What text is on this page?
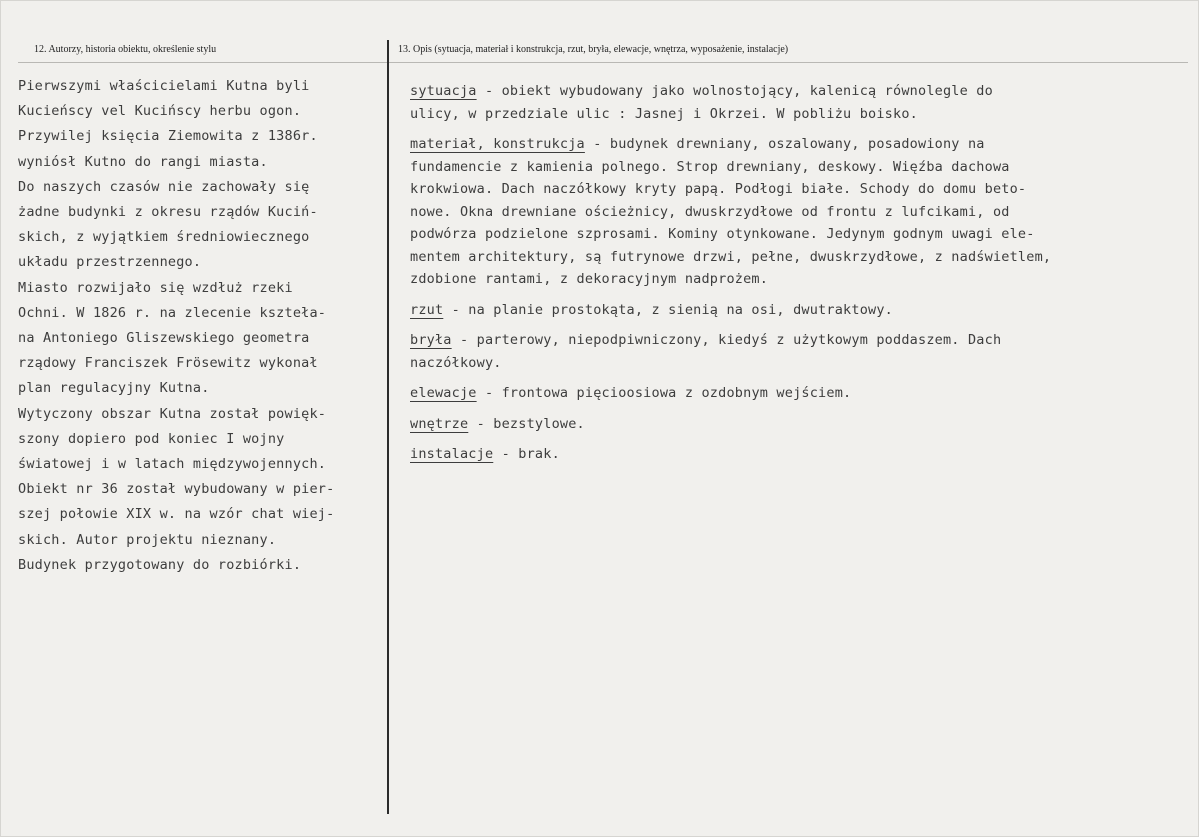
12. Autorzy, historia obiektu, określenie stylu	13. Opis (sytuacja, materiał i konstrukcja, rzut, bryła, elewacje, wnętrza, wyposażenie, instalacje)
Pierwszymi właścicielami Kutna byli
Kucieńscy vel Kucińscy herbu ogon.
Przywilej księcia Ziemowita z 1386r.
wyniósł Kutno do rangi miasta.
Do naszych czasów nie zachowały się
żadne budynki z okresu rządów Kuciń-
skich, z wyjątkiem średniowiecznego
układu przestrzennego.
Miasto rozwijało się wzdłuż rzeki
Ochni. W 1826 r. na zlecenie kszteła-
na Antoniego Gliszewskiego geometra
rządowy Franciszek Frösewitz wykonał
plan regulacyjny Kutna.
Wytyczony obszar Kutna został powięk-
szony dopiero pod koniec I wojny
światowej i w latach międzywojennych.
Obiekt nr 36 został wybudowany w pier-
szej połowie XIX w. na wzór chat wiej-
skich. Autor projektu nieznany.
Budynek przygotowany do rozbiórki.
sytuacja - obiekt wybudowany jako wolnostojący, kalenicą równolegle do
ulicy, w przedziale ulic : Jasnej i Okrzei. W pobliżu boisko.
materiał, konstrukcja - budynek drewniany, oszalowany, posadowiony na
fundamencie z kamienia polnego. Strop drewniany, deskowy. Więźba dachowa
krokwiowa. Dach naczółkowy kryty papą. Podłogi białe. Schody do domu beto-
nowe. Okna drewniane ościeżnicy, dwuskrzydłowe od frontu z lufcikami, od
podwórza podzielone szprosami. Kominy otynkowane. Jedynym godnym uwagi ele-
mentem architektury, są futrynowe drzwi, pełne, dwuskrzydłowe, z nadświetlem,
zdobione rantami, z dekoracyjnym nadprożem.
rzut - na planie prostokąta, z sienią na osi, dwutraktowy.
bryła - parterowy, niepodpiwniczony, kiedyś z użytkowym poddaszem. Dach
naczółkowy.
elewacje - frontowa pięcioosiowa z ozdobnym wejściem.
wnętrze - bezstylowe.
instalacje - brak.
